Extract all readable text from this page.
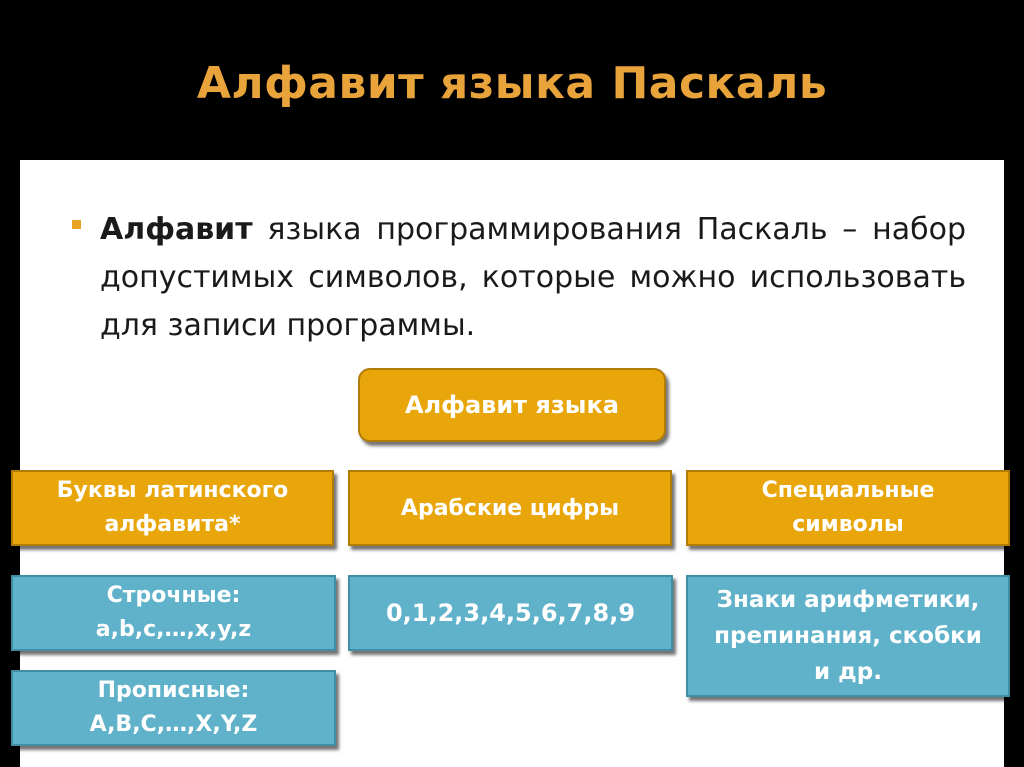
Алфавит языка Паскаль
Алфавит языка программирования Паскаль – набор допустимых символов, которые можно использовать для записи программы.
Алфавит языка
Буквы латинского
алфавита*
Арабские цифры
Специальные
символы
Строчные:
a,b,c,…,x,y,z
0,1,2,3,4,5,6,7,8,9	Знаки арифметики,
препинания, скобки
и др.
Прописные:
A,B,C,…,X,Y,Z
